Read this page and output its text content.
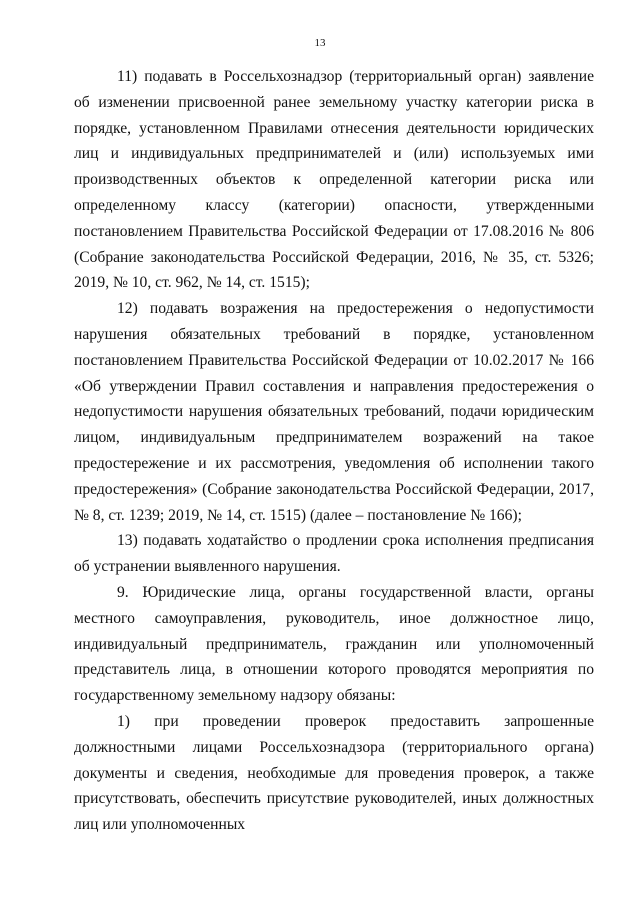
13

11) подавать в Россельхознадзор (территориальный орган) заявление об изменении присвоенной ранее земельному участку категории риска в порядке, установленном Правилами отнесения деятельности юридических лиц и индивидуальных предпринимателей и (или) используемых ими производственных объектов к определенной категории риска или определенному классу (категории) опасности, утвержденными постановлением Правительства Российской Федерации от 17.08.2016 № 806 (Собрание законодательства Российской Федерации, 2016, № 35, ст. 5326; 2019, № 10, ст. 962, № 14, ст. 1515);

12) подавать возражения на предостережения о недопустимости нарушения обязательных требований в порядке, установленном постановлением Правительства Российской Федерации от 10.02.2017 № 166 «Об утверждении Правил составления и направления предостережения о недопустимости нарушения обязательных требований, подачи юридическим лицом, индивидуальным предпринимателем возражений на такое предостережение и их рассмотрения, уведомления об исполнении такого предостережения» (Собрание законодательства Российской Федерации, 2017, № 8, ст. 1239; 2019, № 14, ст. 1515) (далее – постановление № 166);

13) подавать ходатайство о продлении срока исполнения предписания об устранении выявленного нарушения.

9. Юридические лица, органы государственной власти, органы местного самоуправления, руководитель, иное должностное лицо, индивидуальный предприниматель, гражданин или уполномоченный представитель лица, в отношении которого проводятся мероприятия по государственному земельному надзору обязаны:

1) при проведении проверок предоставить запрошенные должностными лицами Россельхознадзора (территориального органа) документы и сведения, необходимые для проведения проверок, а также присутствовать, обеспечить присутствие руководителей, иных должностных лиц или уполномоченных
